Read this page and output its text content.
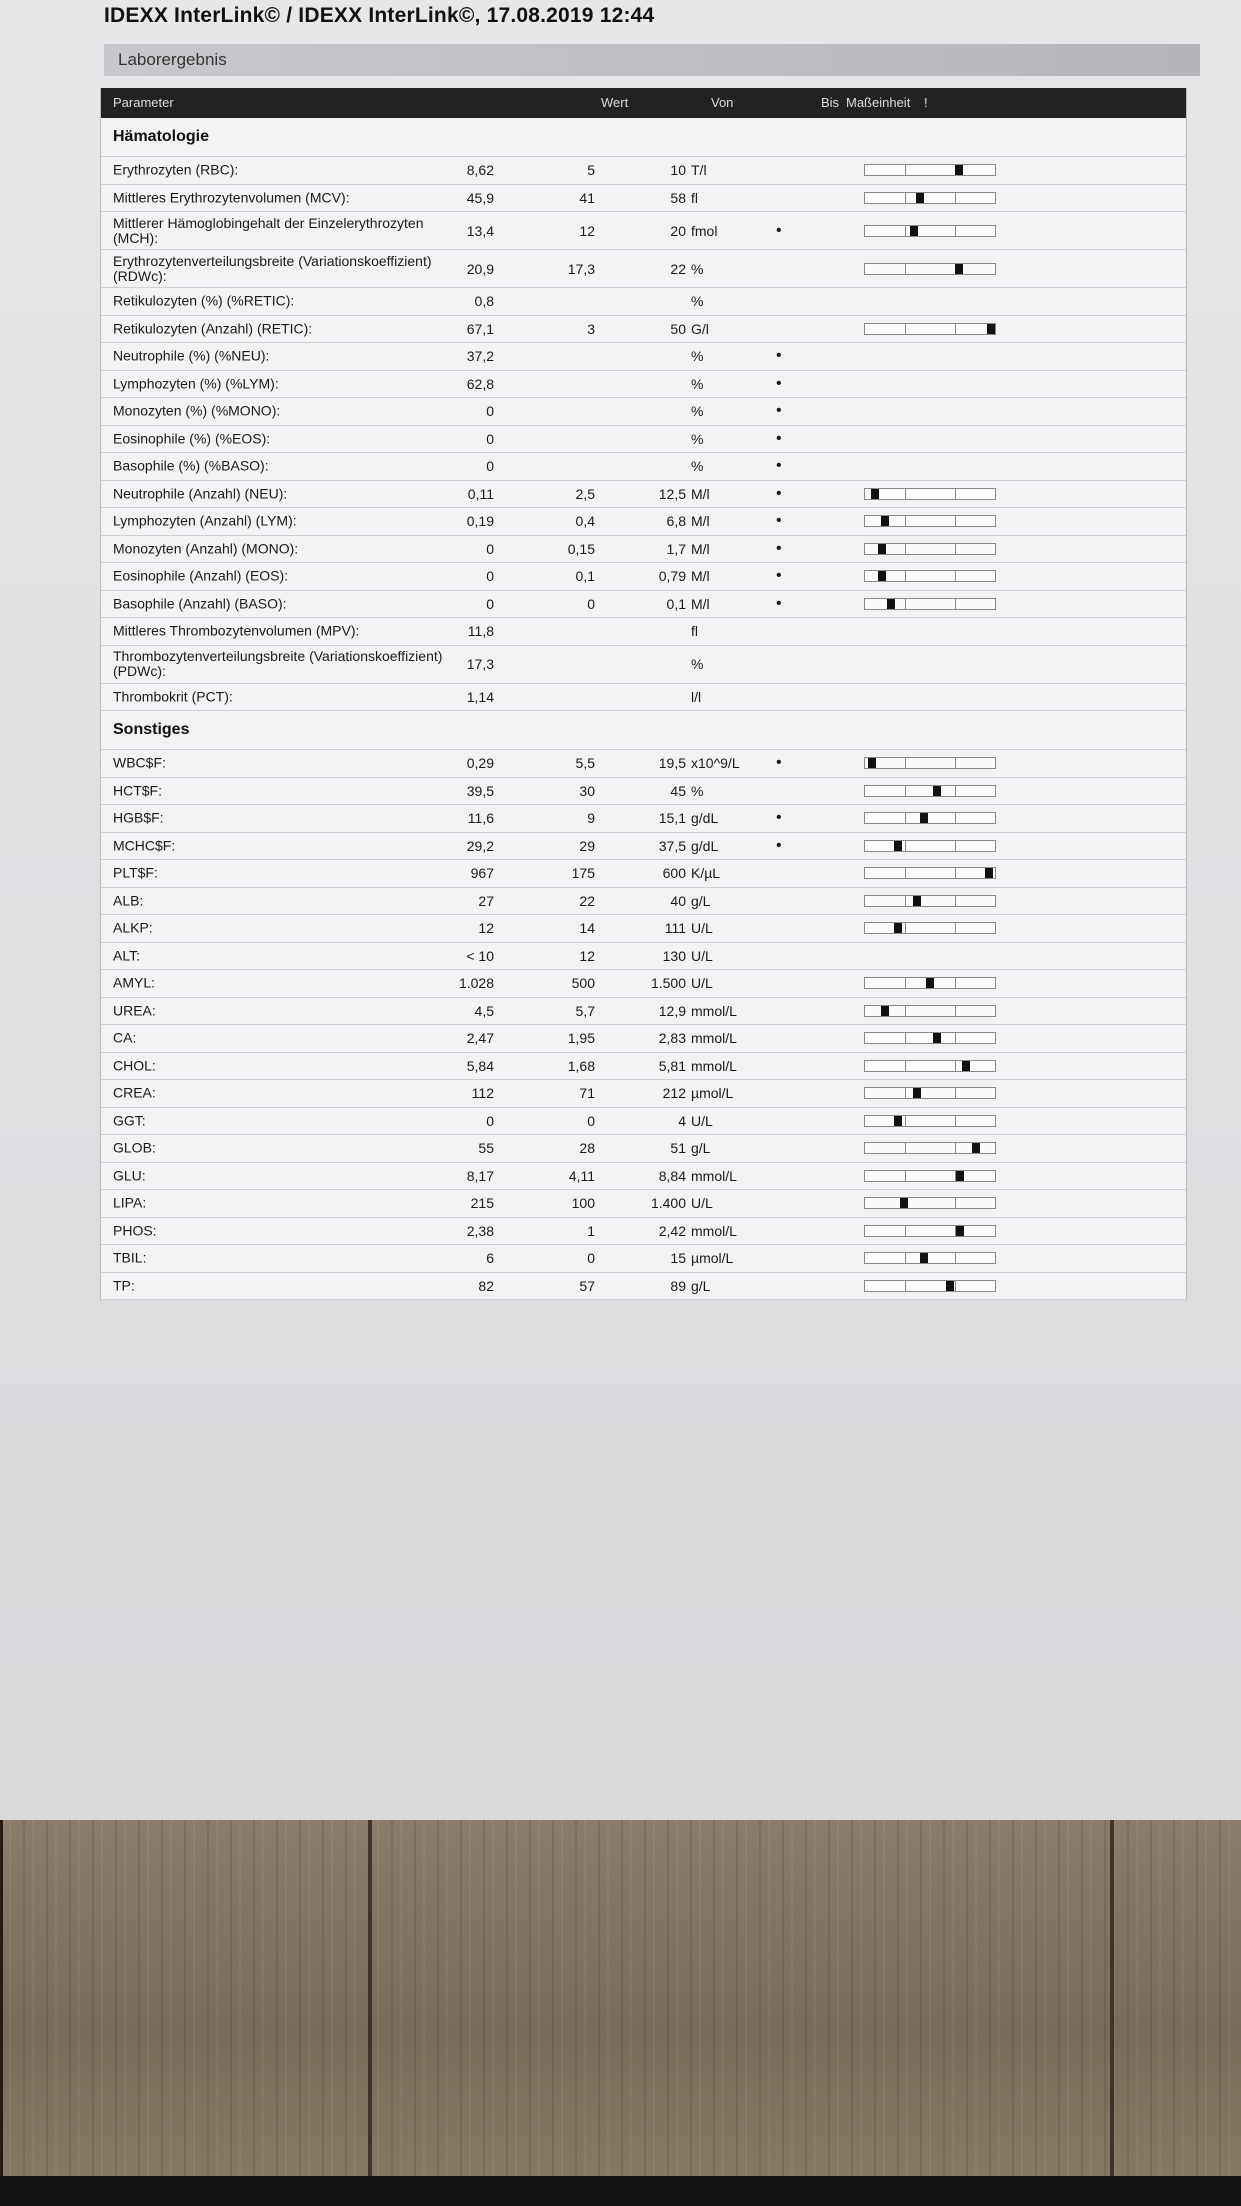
IDEXX InterLink© / IDEXX InterLink©, 17.08.2019 12:44
Laborergebnis
Parameter	Wert	Von	Bis Maßeinheit !
Hämatologie
Erythrozyten (RBC):	8,62	5	10 T/l
Mittleres Erythrozytenvolumen (MCV):	45,9	41	58 fl
Mittlerer Hämoglobingehalt der Einzelerythrozyten (MCH):	13,4	12	20 fmol	•
Erythrozytenverteilungsbreite (Variationskoeffizient) (RDWc):	20,9	17,3	22 %
Retikulozyten (%) (%RETIC):	0,8	%
Retikulozyten (Anzahl) (RETIC):	67,1	3	50 G/l
Neutrophile (%) (%NEU):	37,2	%	•
Lymphozyten (%) (%LYM):	62,8	%	•
Monozyten (%) (%MONO):	0	%	•
Eosinophile (%) (%EOS):	0	%	•
Basophile (%) (%BASO):	0	%	•
Neutrophile (Anzahl) (NEU):	0,11	2,5	12,5 M/l	•
Lymphozyten (Anzahl) (LYM):	0,19	0,4	6,8 M/l	•
Monozyten (Anzahl) (MONO):	0	0,15	1,7 M/l	•
Eosinophile (Anzahl) (EOS):	0	0,1	0,79 M/l	•
Basophile (Anzahl) (BASO):	0	0	0,1 M/l	•
Mittleres Thrombozytenvolumen (MPV):	11,8	fl
Thrombozytenverteilungsbreite (Variationskoeffizient) (PDWc):	17,3	%
Thrombokrit (PCT):	1,14	l/l
Sonstiges
WBC$F:	0,29	5,5	19,5 x10^9/L •
HCT$F:	39,5	30	45 %
HGB$F:	11,6	9	15,1 g/dL	•
MCHC$F:	29,2	29	37,5 g/dL	•
PLT$F:	967	175	600 K/µL
ALB:	27	22	40 g/L
ALKP:	12	14	111 U/L
ALT:	< 10	12	130 U/L
AMYL:	1.028	500	1.500 U/L
UREA:	4,5	5,7	12,9 mmol/L
CA:	2,47	1,95	2,83 mmol/L
CHOL:	5,84	1,68	5,81 mmol/L
CREA:	112	71	212 µmol/L
GGT:	0	0	4 U/L
GLOB:	55	28	51 g/L
GLU:	8,17	4,11	8,84 mmol/L
LIPA:	215	100	1.400 U/L
PHOS:	2,38	1	2,42 mmol/L
TBIL:	6	0	15 µmol/L
TP:	82	57	89 g/L
